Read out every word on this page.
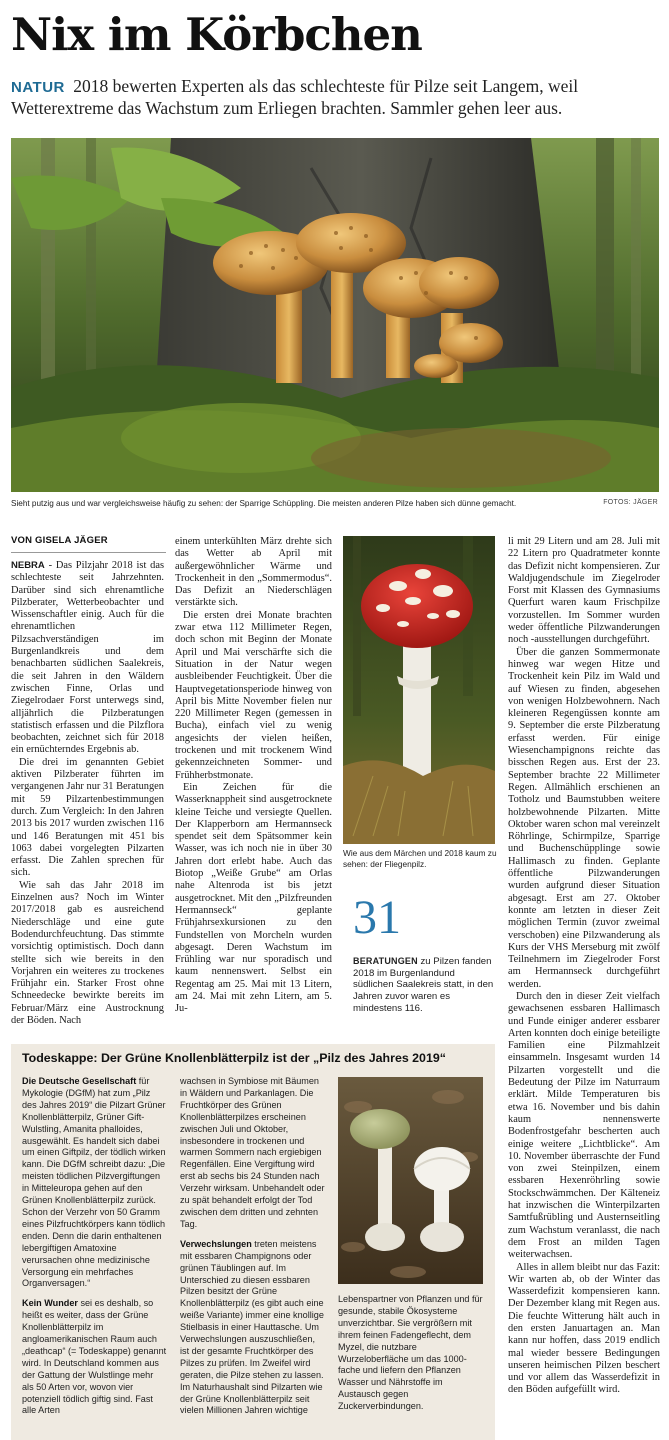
Nix im Körbchen
NATUR 2018 bewerten Experten als das schlechteste für Pilze seit Langem, weil Wetterextreme das Wachstum zum Erliegen brachten. Sammler gehen leer aus.
Sieht putzig aus und war vergleichsweise häufig zu sehen: der Sparrige Schüppling. Die meisten anderen Pilze haben sich dünne gemacht.	FOTOS: JÄGER
VON GISELA JÄGER

NEBRA - Das Pilzjahr 2018 ist das schlechteste seit Jahrzehnten. Darüber sind sich ehrenamtliche Pilzberater, Wetterbeobachter und Wissenschaftler einig. Auch für die ehrenamtlichen Pilzsachverständigen im Burgenlandkreis und dem benachbarten südlichen Saalekreis, die seit Jahren in den Wäldern zwischen Finne, Orlas und Ziegelrodaer Forst unterwegs sind, alljährlich die Pilzberatungen statistisch erfassen und die Pilzflora beobachten, zeichnet sich für 2018 ein ernüchterndes Ergebnis ab.

Die drei im genannten Gebiet aktiven Pilzberater führten im vergangenen Jahr nur 31 Beratungen mit 59 Pilzartenbestimmungen durch. Zum Vergleich: In den Jahren 2013 bis 2017 wurden zwischen 116 und 146 Beratungen mit 451 bis 1063 dabei vorgelegten Pilzarten erfasst. Die Zahlen sprechen für sich.

Wie sah das Jahr 2018 im Einzelnen aus? Noch im Winter 2017/2018 gab es ausreichend Niederschläge und eine gute Bodendurchfeuchtung. Das stimmte vorsichtig optimistisch. Doch dann stellte sich wie bereits in den Vorjahren ein weiteres zu trockenes Frühjahr ein. Starker Frost ohne Schneedecke bewirkte bereits im Februar/März eine Austrocknung der Böden. Nach

einem unterkühlten März drehte sich das Wetter ab April mit außergewöhnlicher Wärme und Trockenheit in den „Sommermodus“. Das Defizit an Niederschlägen verstärkte sich.

Die ersten drei Monate brachten zwar etwa 112 Millimeter Regen, doch schon mit Beginn der Monate April und Mai verschärfte sich die Situation in der Natur wegen ausbleibender Feuchtigkeit. Über die Hauptvegetationsperiode hinweg von April bis Mitte November fielen nur 220 Millimeter Regen (gemessen in Bucha), einfach viel zu wenig angesichts der vielen heißen, trockenen und mit trockenem Wind gekennzeichneten Sommer- und Frühherbstmonate.

Ein Zeichen für die Wasserknappheit sind ausgetrocknete kleine Teiche und versiegte Quellen. Der Klapperborn am Hermannseck spendet seit dem Spätsommer kein Wasser, was ich noch nie in über 30 Jahren dort erlebt habe. Auch das Biotop „Weiße Grube“ am Orlas nahe Altenroda ist bis jetzt ausgetrocknet. Mit den „Pilzfreunden Hermannseck“ geplante Frühjahrsexkursionen zu den Fundstellen von Morcheln wurden abgesagt. Deren Wachstum im Frühling war nur sporadisch und kaum nennenswert. Selbst ein Regentag am 25. Mai mit 13 Litern, am 24. Mai mit zehn Litern, am 5. Ju-

Wie aus dem Märchen und 2018 kaum zu sehen: der Fliegenpilz.
31
BERATUNGEN zu Pilzen fanden 2018 im Burgenlandund südlichen Saalekreis statt, in den Jahren zuvor waren es mindestens 116.

li mit 29 Litern und am 28. Juli mit 22 Litern pro Quadratmeter konnte das Defizit nicht kompensieren. Zur Waldjugendschule im Ziegelroder Forst mit Klassen des Gymnasiums Querfurt waren kaum Frischpilze vorzustellen. Im Sommer wurden weder öffentliche Pilzwanderungen noch -ausstellungen durchgeführt.

Über die ganzen Sommermonate hinweg war wegen Hitze und Trockenheit kein Pilz im Wald und auf Wiesen zu finden, abgesehen von wenigen Holzbewohnern. Nach kleineren Regengüssen konnte am 9. September die erste Pilzberatung erfasst werden. Für einige Wiesenchampignons reichte das bisschen Regen aus. Erst der 23. September brachte 22 Millimeter Regen. Allmählich erschienen an Totholz und Baumstubben weitere holzbewohnende Pilzarten. Mitte Oktober waren schon mal vereinzelt Röhrlinge, Schirmpilze, Sparrige und Buchenschüpplinge sowie Hallimasch zu finden. Geplante öffentliche Pilzwanderungen wurden aufgrund dieser Situation abgesagt. Erst am 27. Oktober konnte am letzten in dieser Zeit möglichen Termin (zuvor zweimal verschoben) eine Pilzwanderung als Kurs der VHS Merseburg mit zwölf Teilnehmern im Ziegelroder Forst am Hermannseck durchgeführt werden.

Durch den in dieser Zeit vielfach gewachsenen essbaren Hallimasch und Funde einiger anderer essbarer Arten konnten doch einige beteiligte Familien eine Pilzmahlzeit einsammeln. Insgesamt wurden 14 Pilzarten vorgestellt und die Bedeutung der Pilze im Naturraum erklärt. Milde Temperaturen bis etwa 16. November und bis dahin kaum nennenswerte Bodenfrostgefahr bescherten auch einige weitere „Lichtblicke“. Am 10. November überraschte der Fund von zwei Steinpilzen, einem essbaren Hexenröhrling sowie Stockschwämmchen. Der Kälteneiz hat inzwischen die Winterpilzarten Samtfußrübling und Austernseitling zum Wachstum veranlasst, die nach dem Frost an milden Tagen weiterwachsen.

Alles in allem bleibt nur das Fazit: Wir warten ab, ob der Winter das Wasserdefizit kompensieren kann. Der Dezember klang mit Regen aus. Die feuchte Witterung hält auch in den ersten Januartagen an. Man kann nur hoffen, dass 2019 endlich mal wieder bessere Bedingungen unseren heimischen Pilzen beschert und vor allem das Wasserdefizit in den Böden aufgefüllt wird.

Todeskappe: Der Grüne Knollenblätterpilz ist der „Pilz des Jahres 2019“

Die Deutsche Gesellschaft für Mykologie (DGfM) hat zum „Pilz des Jahres 2019“ die Pilzart Grüner Knollenblätterpilz, Grüner Gift-Wulstling, Amanita phalloides, ausgewählt. Es handelt sich dabei um einen Giftpilz, der tödlich wirken kann. Die DGfM schreibt dazu: „Die meisten tödlichen Pilzvergiftungen in Mitteleuropa gehen auf den Grünen Knollenblätterpilz zurück. Schon der Verzehr von 50 Gramm eines Pilzfruchtkörpers kann tödlich enden. Denn die darin enthaltenen lebergiftigen Amatoxine verursachen ohne medizinische Versorgung ein mehrfaches Organversagen.“

Kein Wunder sei es deshalb, so heißt es weiter, dass der Grüne Knollenblätterpilz im angloamerikanischen Raum auch „deathcap“ (= Todeskappe) genannt wird. In Deutschland kommen aus der Gattung der Wulstlinge mehr als 50 Arten vor, wovon vier potenziell tödlich giftig sind. Fast alle Arten

wachsen in Symbiose mit Bäumen in Wäldern und Parkanlagen. Die Fruchtkörper des Grünen Knollenblätterpilzes erscheinen zwischen Juli und Oktober, insbesondere in trockenen und warmen Sommern nach ergiebigen Regenfällen. Eine Vergiftung wird erst ab sechs bis 24 Stunden nach Verzehr wirksam. Unbehandelt oder zu spät behandelt erfolgt der Tod zwischen dem dritten und zehnten Tag.

Verwechslungen treten meistens mit essbaren Champignons oder grünen Täublingen auf. Im Unterschied zu diesen essbaren Pilzen besitzt der Grüne Knollenblätterpilz (es gibt auch eine weiße Variante) immer eine knollige Stielbasis in einer Hauttasche. Um Verwechslungen auszuschließen, ist der gesamte Fruchtkörper des Pilzes zu prüfen. Im Zweifel wird geraten, die Pilze stehen zu lassen. Im Naturhaushalt sind Pilzarten wie der Grüne Knollenblätterpilz seit vielen Millionen Jahren wichtige

Lebenspartner von Pflanzen und für gesunde, stabile Ökosysteme unverzichtbar. Sie vergrößern mit ihrem feinen Fadengeflecht, dem Myzel, die nutzbare Wurzeloberfläche um das 1000-fache und liefern den Pflanzen Wasser und Nährstoffe im Austausch gegen Zuckerverbindungen.
